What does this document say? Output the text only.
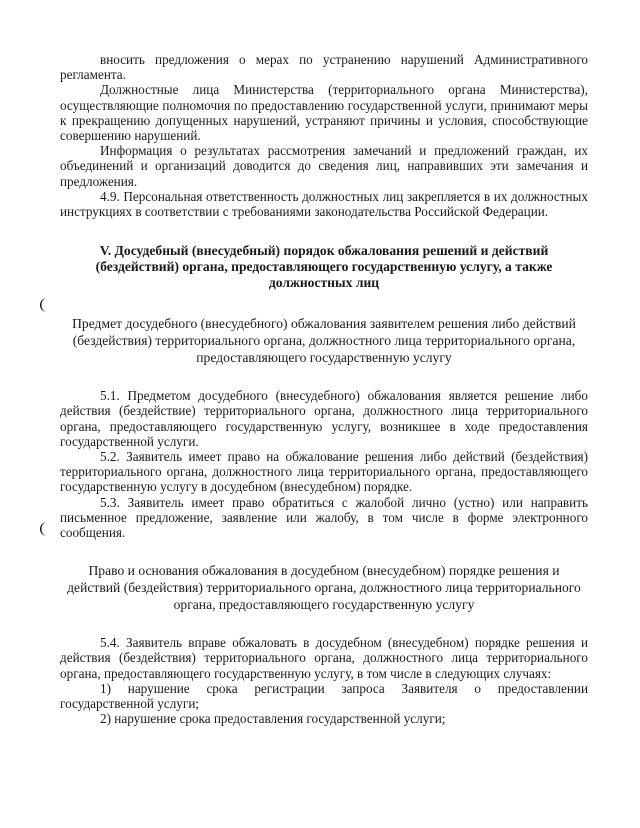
вносить предложения о мерах по устранению нарушений Административного регламента.

Должностные лица Министерства (территориального органа Министерства), осуществляющие полномочия по предоставлению государственной услуги, принимают меры к прекращению допущенных нарушений, устраняют причины и условия, способствующие совершению нарушений.

Информация о результатах рассмотрения замечаний и предложений граждан, их объединений и организаций доводится до сведения лиц, направивших эти замечания и предложения.

4.9. Персональная ответственность должностных лиц закрепляется в их должностных инструкциях в соответствии с требованиями законодательства Российской Федерации.

V. Досудебный (внесудебный) порядок обжалования решений и действий (бездействий) органа, предоставляющего государственную услугу, а также должностных лиц

Предмет досудебного (внесудебного) обжалования заявителем решения либо действий (бездействия) территориального органа, должностного лица территориального органа, предоставляющего государственную услугу

5.1. Предметом досудебного (внесудебного) обжалования является решение либо действия (бездействие) территориального органа, должностного лица территориального органа, предоставляющего государственную услугу, возникшее в ходе предоставления государственной услуги.

5.2. Заявитель имеет право на обжалование решения либо действий (бездействия) территориального органа, должностного лица территориального органа, предоставляющего государственную услугу в досудебном (внесудебном) порядке.

5.3. Заявитель имеет право обратиться с жалобой лично (устно) или направить письменное предложение, заявление или жалобу, в том числе в форме электронного сообщения.

Право и основания обжалования в досудебном (внесудебном) порядке решения и действий (бездействия) территориального органа, должностного лица территориального органа, предоставляющего государственную услугу

5.4. Заявитель вправе обжаловать в досудебном (внесудебном) порядке решения и действия (бездействия) территориального органа, должностного лица территориального органа, предоставляющего государственную услугу, в том числе в следующих случаях:

1) нарушение срока регистрации запроса Заявителя о предоставлении государственной услуги;

2) нарушение срока предоставления государственной услуги;
